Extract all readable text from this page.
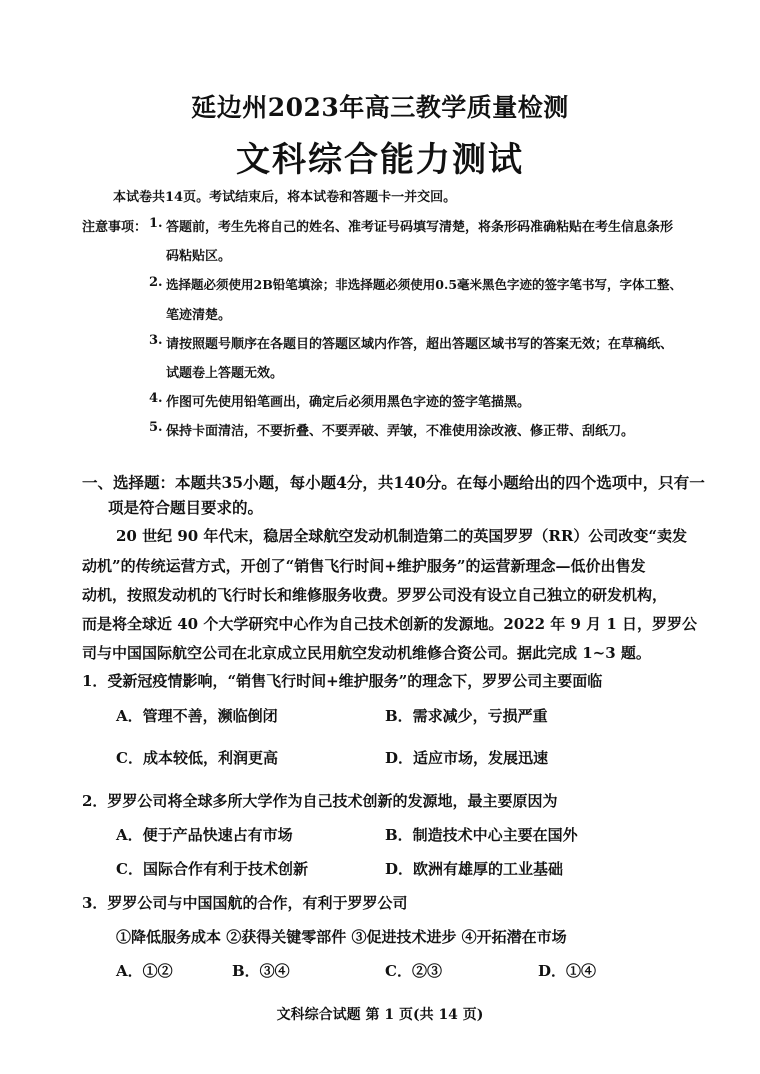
延边州2023年高三教学质量检测
文科综合能力测试
本试卷共14页。考试结束后，将本试卷和答题卡一并交回。
注意事项： 1. 答题前，考生先将自己的姓名、准考证号码填写清楚，将条形码准确粘贴在考生信息条形
码粘贴区。
2. 选择题必须使用2B铅笔填涂；非选择题必须使用0.5毫米黑色字迹的签字笔书写，字体工整、
笔迹清楚。
3. 请按照题号顺序在各题目的答题区域内作答，超出答题区域书写的答案无效；在草稿纸、
试题卷上答题无效。
4. 作图可先使用铅笔画出，确定后必须用黑色字迹的签字笔描黑。
5. 保持卡面清洁，不要折叠、不要弄破、弄皱，不准使用涂改液、修正带、刮纸刀。
一、选择题：本题共35小题，每小题4分，共140分。在每小题给出的四个选项中，只有一
项是符合题目要求的。
20 世纪 90 年代末，稳居全球航空发动机制造第二的英国罗罗（RR）公司改变“卖发
动机”的传统运营方式，开创了“销售飞行时间+维护服务”的运营新理念—低价出售发
动机，按照发动机的飞行时长和维修服务收费。罗罗公司没有设立自己独立的研发机构，
而是将全球近 40 个大学研究中心作为自己技术创新的发源地。2022 年 9 月 1 日，罗罗公
司与中国国际航空公司在北京成立民用航空发动机维修合资公司。据此完成 1~3 题。
1．受新冠疫情影响，“销售飞行时间+维护服务”的理念下，罗罗公司主要面临
A．管理不善，濒临倒闭	B．需求减少，亏损严重
C．成本较低，利润更高	D．适应市场，发展迅速
2．罗罗公司将全球多所大学作为自己技术创新的发源地，最主要原因为
A．便于产品快速占有市场	B．制造技术中心主要在国外
C．国际合作有利于技术创新	D．欧洲有雄厚的工业基础
3．罗罗公司与中国国航的合作，有利于罗罗公司
①降低服务成本 ②获得关键零部件 ③促进技术进步 ④开拓潜在市场
A．①②	B．③④	C．②③	D．①④
文科综合试题 第 1 页(共 14 页)
